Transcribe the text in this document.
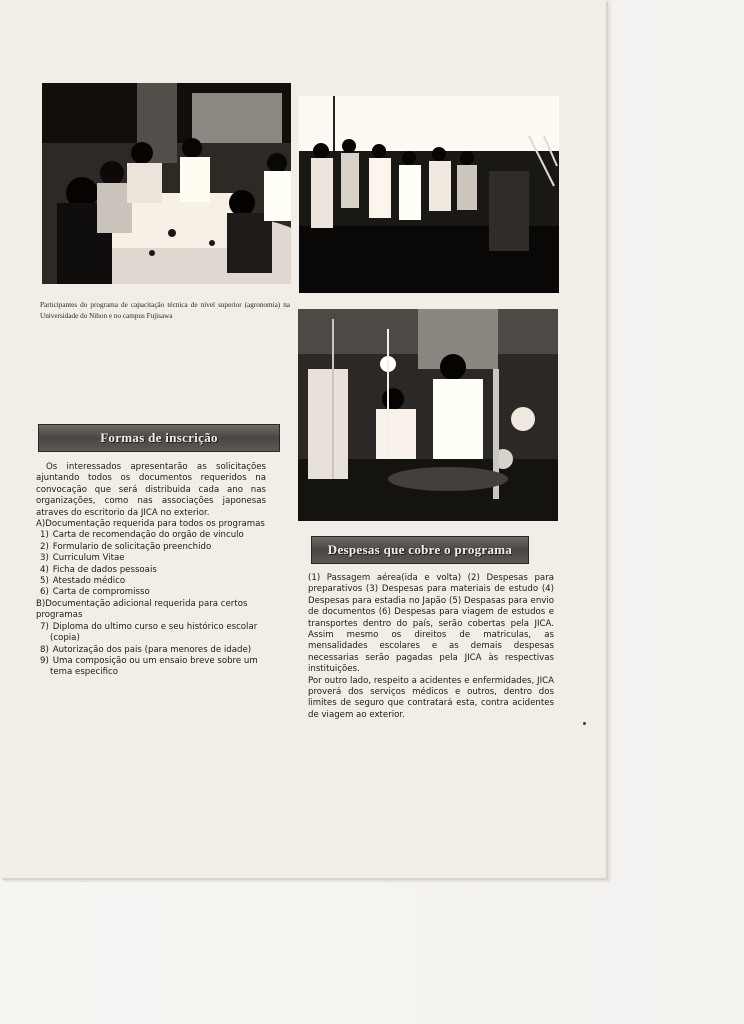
Participantes do programa de capacitação técnica de nível superior (agronomia) na Universidade do Nihon e no campus Fujisawa
Formas de inscrição

Os interessados apresentarão as solicitações ajuntando todos os documentos requeridos na convocação que será distribuida cada ano nas organizações, como nas associações japonesas atraves do escritorio da JICA no exterior.

A)Documentação requerida para todos os programas

1) Carta de recomendação do orgão de vinculo

2) Formulario de solicitação preenchido

3) Curriculum Vitae

4) Ficha de dados pessoais

5) Atestado médico

6) Carta de compromisso

B)Documentação adicional requerida para certos programas

7) Diploma do ultimo curso e seu histórico escolar (copia)

8) Autorização dos pais (para menores de idade)

9) Uma composição ou um ensaio breve sobre um tema especifico

Despesas que cobre o programa

(1) Passagem aérea(ida e volta) (2) Despesas para preparativos (3) Despesas para materiais de estudo (4) Despesas para estadia no Japão (5) Despasas para envio de documentos (6) Despesas para viagem de estudos e transportes dentro do país, serão cobertas pela JICA. Assim mesmo os direitos de matriculas, as mensalidades escolares e as demais despesas necessarias serão pagadas pela JICA às respectivas instituições.

Por outro lado, respeito a acidentes e enfermidades, JICA proverá dos serviços médicos e outros, dentro dos limites de seguro que contratará esta, contra acidentes de viagem ao exterior.
